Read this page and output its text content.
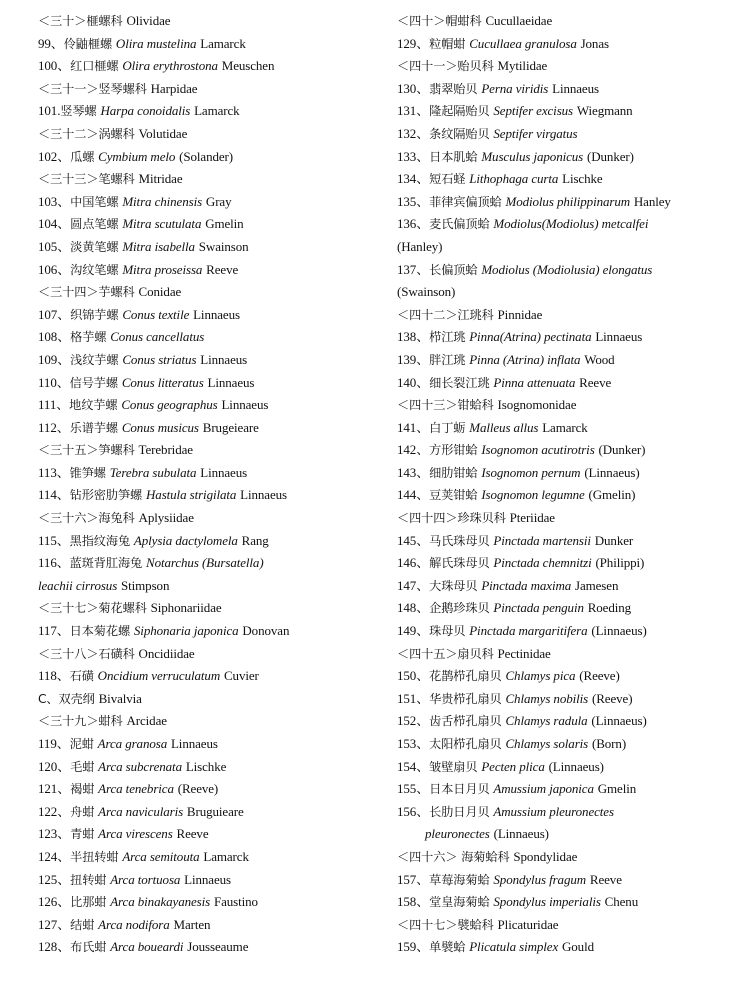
＜三十＞榧螺科 Olividae
99、伶鼬榧螺 Olira mustelina Lamarck
100、红口榧螺 Olira erythrostona Meuschen
＜三十一＞竖琴螺科 Harpidae
101.竖琴螺 Harpa conoidalis Lamarck
＜三十二＞涡螺科 Volutidae
102、瓜螺 Cymbium melo (Solander)
＜三十三＞笔螺科 Mitridae
103、中国笔螺 Mitra chinensis Gray
104、圆点笔螺 Mitra scutulata Gmelin
105、淡黄笔螺 Mitra isabella Swainson
106、沟纹笔螺 Mitra proseissa Reeve
＜三十四＞芋螺科 Conidae
107、织锦芋螺 Conus textile Linnaeus
108、格芋螺 Conus cancellatus
109、浅纹芋螺 Conus striatus Linnaeus
110、信号芋螺 Conus litteratus Linnaeus
111、地纹芋螺 Conus geographus Linnaeus
112、乐谱芋螺 Conus musicus Brugeieare
＜三十五＞笋螺科 Terebridae
113、锥笋螺 Terebra subulata Linnaeus
114、钻形密肋笋螺 Hastula strigilata Linnaeus
＜三十六＞海兔科 Aplysiidae
115、黑指纹海兔 Aplysia dactylomela Rang
116、蓝斑背肛海兔 Notarchus (Bursatella)
leachii cirrosus Stimpson
＜三十七＞菊花螺科 Siphonariidae
117、日本菊花螺 Siphonaria japonica Donovan
＜三十八＞石磺科 Oncidiidae
118、石磺 Oncidium verruculatum Cuvier
C、双壳纲 Bivalvia
＜三十九＞蚶科 Arcidae
119、泥蚶 Arca granosa Linnaeus
120、毛蚶 Arca subcrenata Lischke
121、褐蚶 Arca tenebrica (Reeve)
122、舟蚶 Arca navicularis Bruguieare
123、青蚶 Arca virescens Reeve
124、半扭转蚶 Arca semitouta Lamarck
125、扭转蚶 Arca tortuosa Linnaeus
126、比那蚶 Arca binakayanesis Faustino
127、结蚶 Arca nodifora Marten
128、布氏蚶 Arca boueardi Jousseaume
＜四十＞帽蚶科 Cucullaeidae
129、粒帽蚶 Cucullaea granulosa Jonas
＜四十一＞贻贝科 Mytilidae
130、翡翠贻贝 Perna viridis Linnaeus
131、隆起隔贻贝 Septifer excisus Wiegmann
132、条纹隔贻贝 Septifer virgatus
133、日本肌蛤 Musculus japonicus (Dunker)
134、短石蛏 Lithophaga curta Lischke
135、菲律宾偏顶蛤 Modiolus philippinarum Hanley
136、麦氏偏顶蛤 Modiolus(Modiolus) metcalfei
(Hanley)
137、长偏顶蛤 Modiolus (Modiolusia) elongatus
(Swainson)
＜四十二＞江珧科 Pinnidae
138、栉江珧 Pinna(Atrina) pectinata Linnaeus
139、胖江珧 Pinna (Atrina) inflata Wood
140、细长裂江珧 Pinna attenuata Reeve
＜四十三＞钳蛤科 Isognomonidae
141、白丁蛎 Malleus allus Lamarck
142、方形钳蛤 Isognomon acutirotris (Dunker)
143、细肋钳蛤 Isognomon pernum (Linnaeus)
144、豆荚钳蛤 Isognomon legumne (Gmelin)
＜四十四＞珍珠贝科 Pteriidae
145、马氏珠母贝 Pinctada martensii Dunker
146、解氏珠母贝 Pinctada chemnitzi (Philippi)
147、大珠母贝 Pinctada maxima Jamesen
148、企鹅珍珠贝 Pinctada penguin Roeding
149、珠母贝 Pinctada margaritifera (Linnaeus)
＜四十五＞扇贝科 Pectinidae
150、花鹊栉孔扇贝 Chlamys pica (Reeve)
151、华贵栉孔扇贝 Chlamys nobilis (Reeve)
152、齿舌栉孔扇贝 Chlamys radula (Linnaeus)
153、太阳栉孔扇贝 Chlamys solaris (Born)
154、皱壁扇贝 Pecten plica (Linnaeus)
155、日本日月贝 Amussium japonica Gmelin
156、长肋日月贝 Amussium pleuronectes
pleuronectes (Linnaeus)
＜四十六＞ 海菊蛤科 Spondylidae
157、草莓海菊蛤 Spondylus fragum Reeve
158、堂皇海菊蛤 Spondylus imperialis Chenu
＜四十七＞襞蛤科 Plicaturidae
159、单襞蛤 Plicatula simplex Gould
